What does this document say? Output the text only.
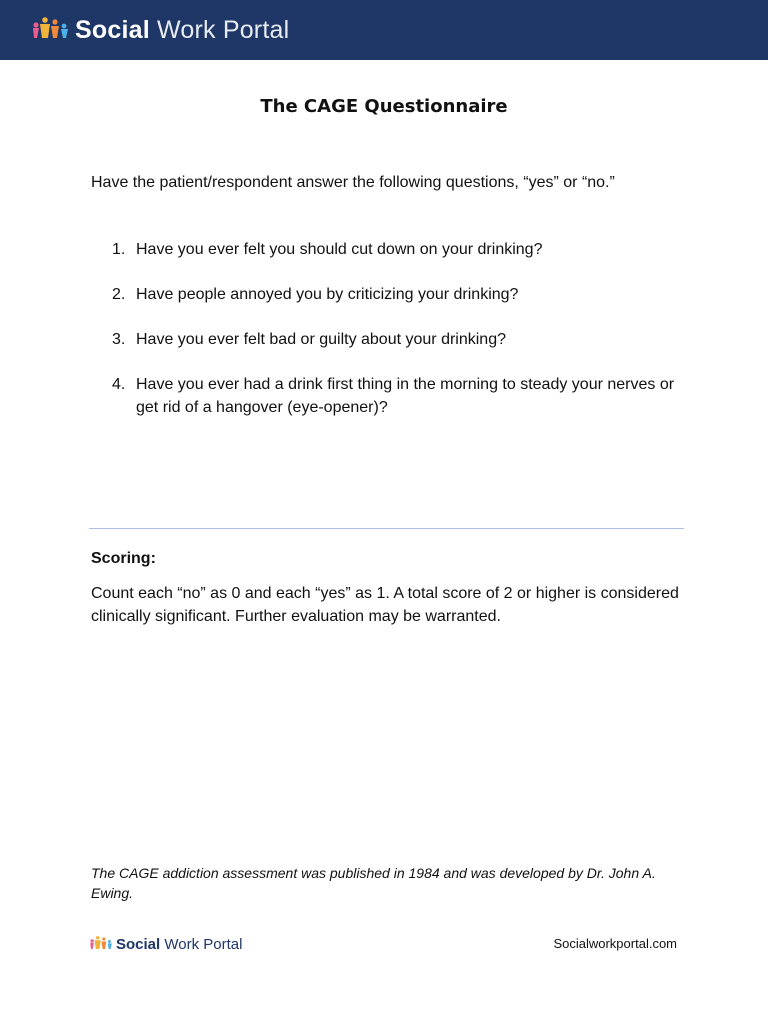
Social Work Portal
The CAGE Questionnaire
Have the patient/respondent answer the following questions, “yes” or “no.”
1. Have you ever felt you should cut down on your drinking?
2. Have people annoyed you by criticizing your drinking?
3. Have you ever felt bad or guilty about your drinking?
4. Have you ever had a drink first thing in the morning to steady your nerves or get rid of a hangover (eye-opener)?
Scoring:
Count each “no” as 0 and each “yes” as 1. A total score of 2 or higher is considered clinically significant. Further evaluation may be warranted.
The CAGE addiction assessment was published in 1984 and was developed by Dr. John A. Ewing.
Social Work Portal	Socialworkportal.com
